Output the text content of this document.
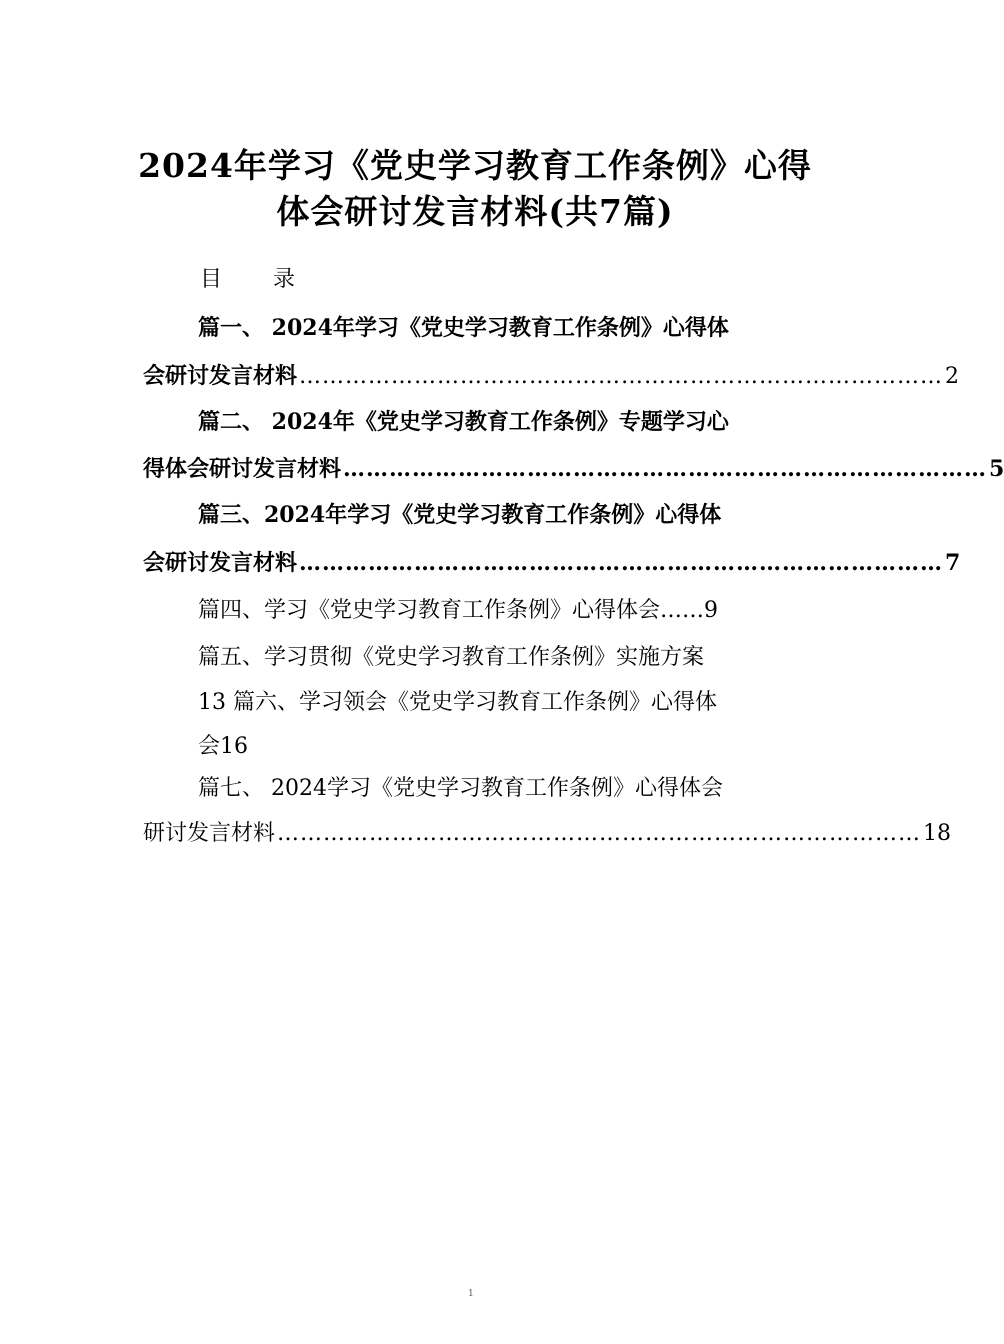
2024年学习《党史学习教育工作条例》心得
体会研讨发言材料(共7篇)
目 录
篇一、 2024年学习《党史学习教育工作条例》心得体
会研讨发言材料 ………………………………………………………………………… 2
篇二、 2024年《党史学习教育工作条例》专题学习心
得体会研讨发言材料 ………………………………………………………………………… 5
篇三、2024年学习《党史学习教育工作条例》心得体
会研讨发言材料 ………………………………………………………………………… 7
篇四、学习《党史学习教育工作条例》心得体会……9
篇五、学习贯彻《党史学习教育工作条例》实施方案
13 篇六、学习领会《党史学习教育工作条例》心得体
会16
篇七、 2024学习《党史学习教育工作条例》心得体会
研讨发言材料 ………………………………………………………………………… 18
1
